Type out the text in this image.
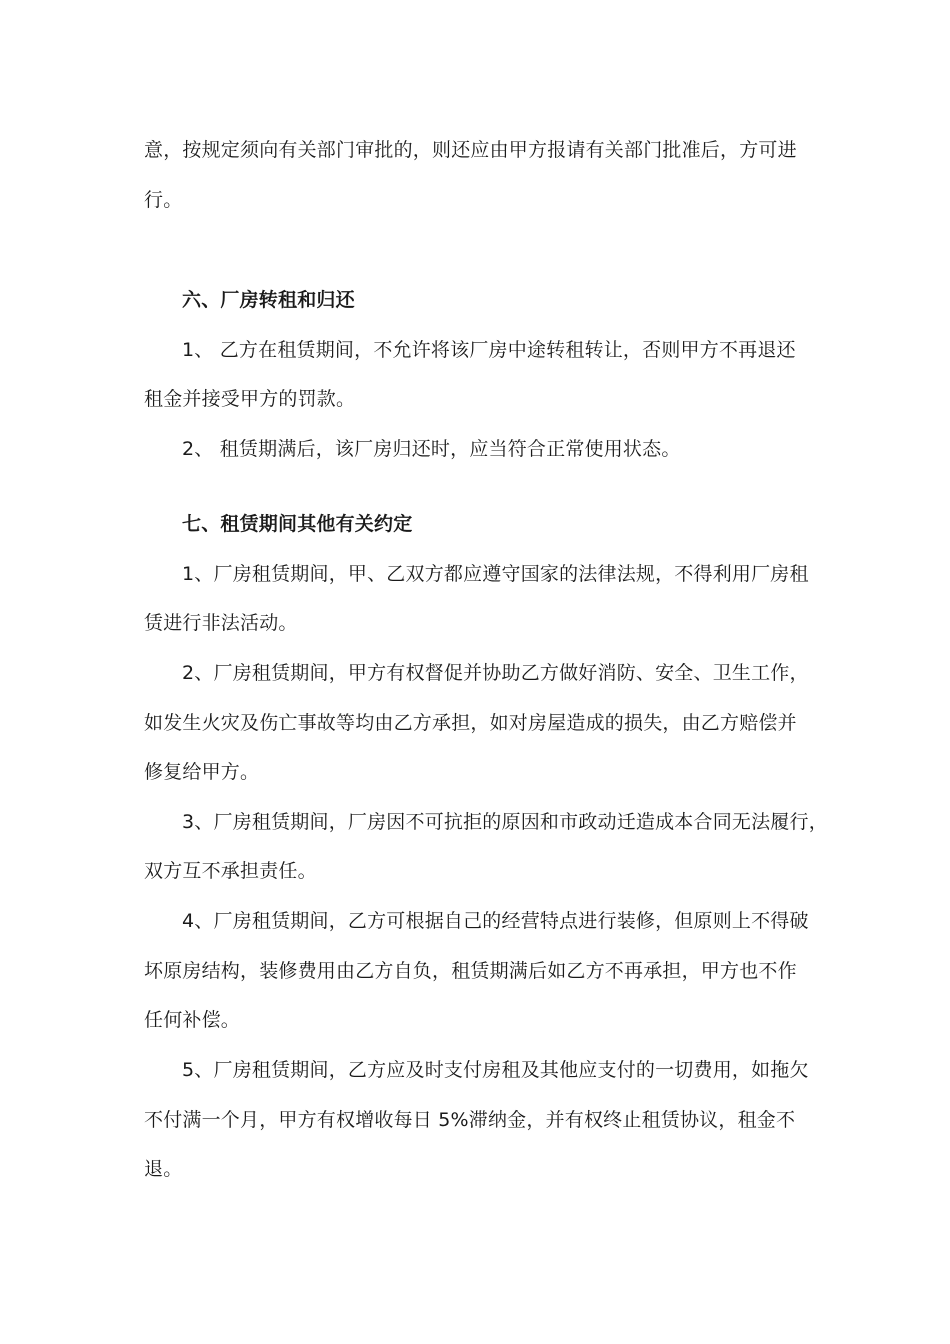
意，按规定须向有关部门审批的，则还应由甲方报请有关部门批准后，方可进
行。
六、厂房转租和归还
1、 乙方在租赁期间，不允许将该厂房中途转租转让，否则甲方不再退还
租金并接受甲方的罚款。
2、 租赁期满后，该厂房归还时，应当符合正常使用状态。
七、租赁期间其他有关约定
1、厂房租赁期间，甲、乙双方都应遵守国家的法律法规，不得利用厂房租
赁进行非法活动。
2、厂房租赁期间，甲方有权督促并协助乙方做好消防、安全、卫生工作，
如发生火灾及伤亡事故等均由乙方承担，如对房屋造成的损失，由乙方赔偿并
修复给甲方。
3、厂房租赁期间，厂房因不可抗拒的原因和市政动迁造成本合同无法履行，
双方互不承担责任。
4、厂房租赁期间，乙方可根据自己的经营特点进行装修，但原则上不得破
坏原房结构，装修费用由乙方自负，租赁期满后如乙方不再承担，甲方也不作
任何补偿。
5、厂房租赁期间，乙方应及时支付房租及其他应支付的一切费用，如拖欠
不付满一个月，甲方有权增收每日 5%滞纳金，并有权终止租赁协议，租金不
退。
